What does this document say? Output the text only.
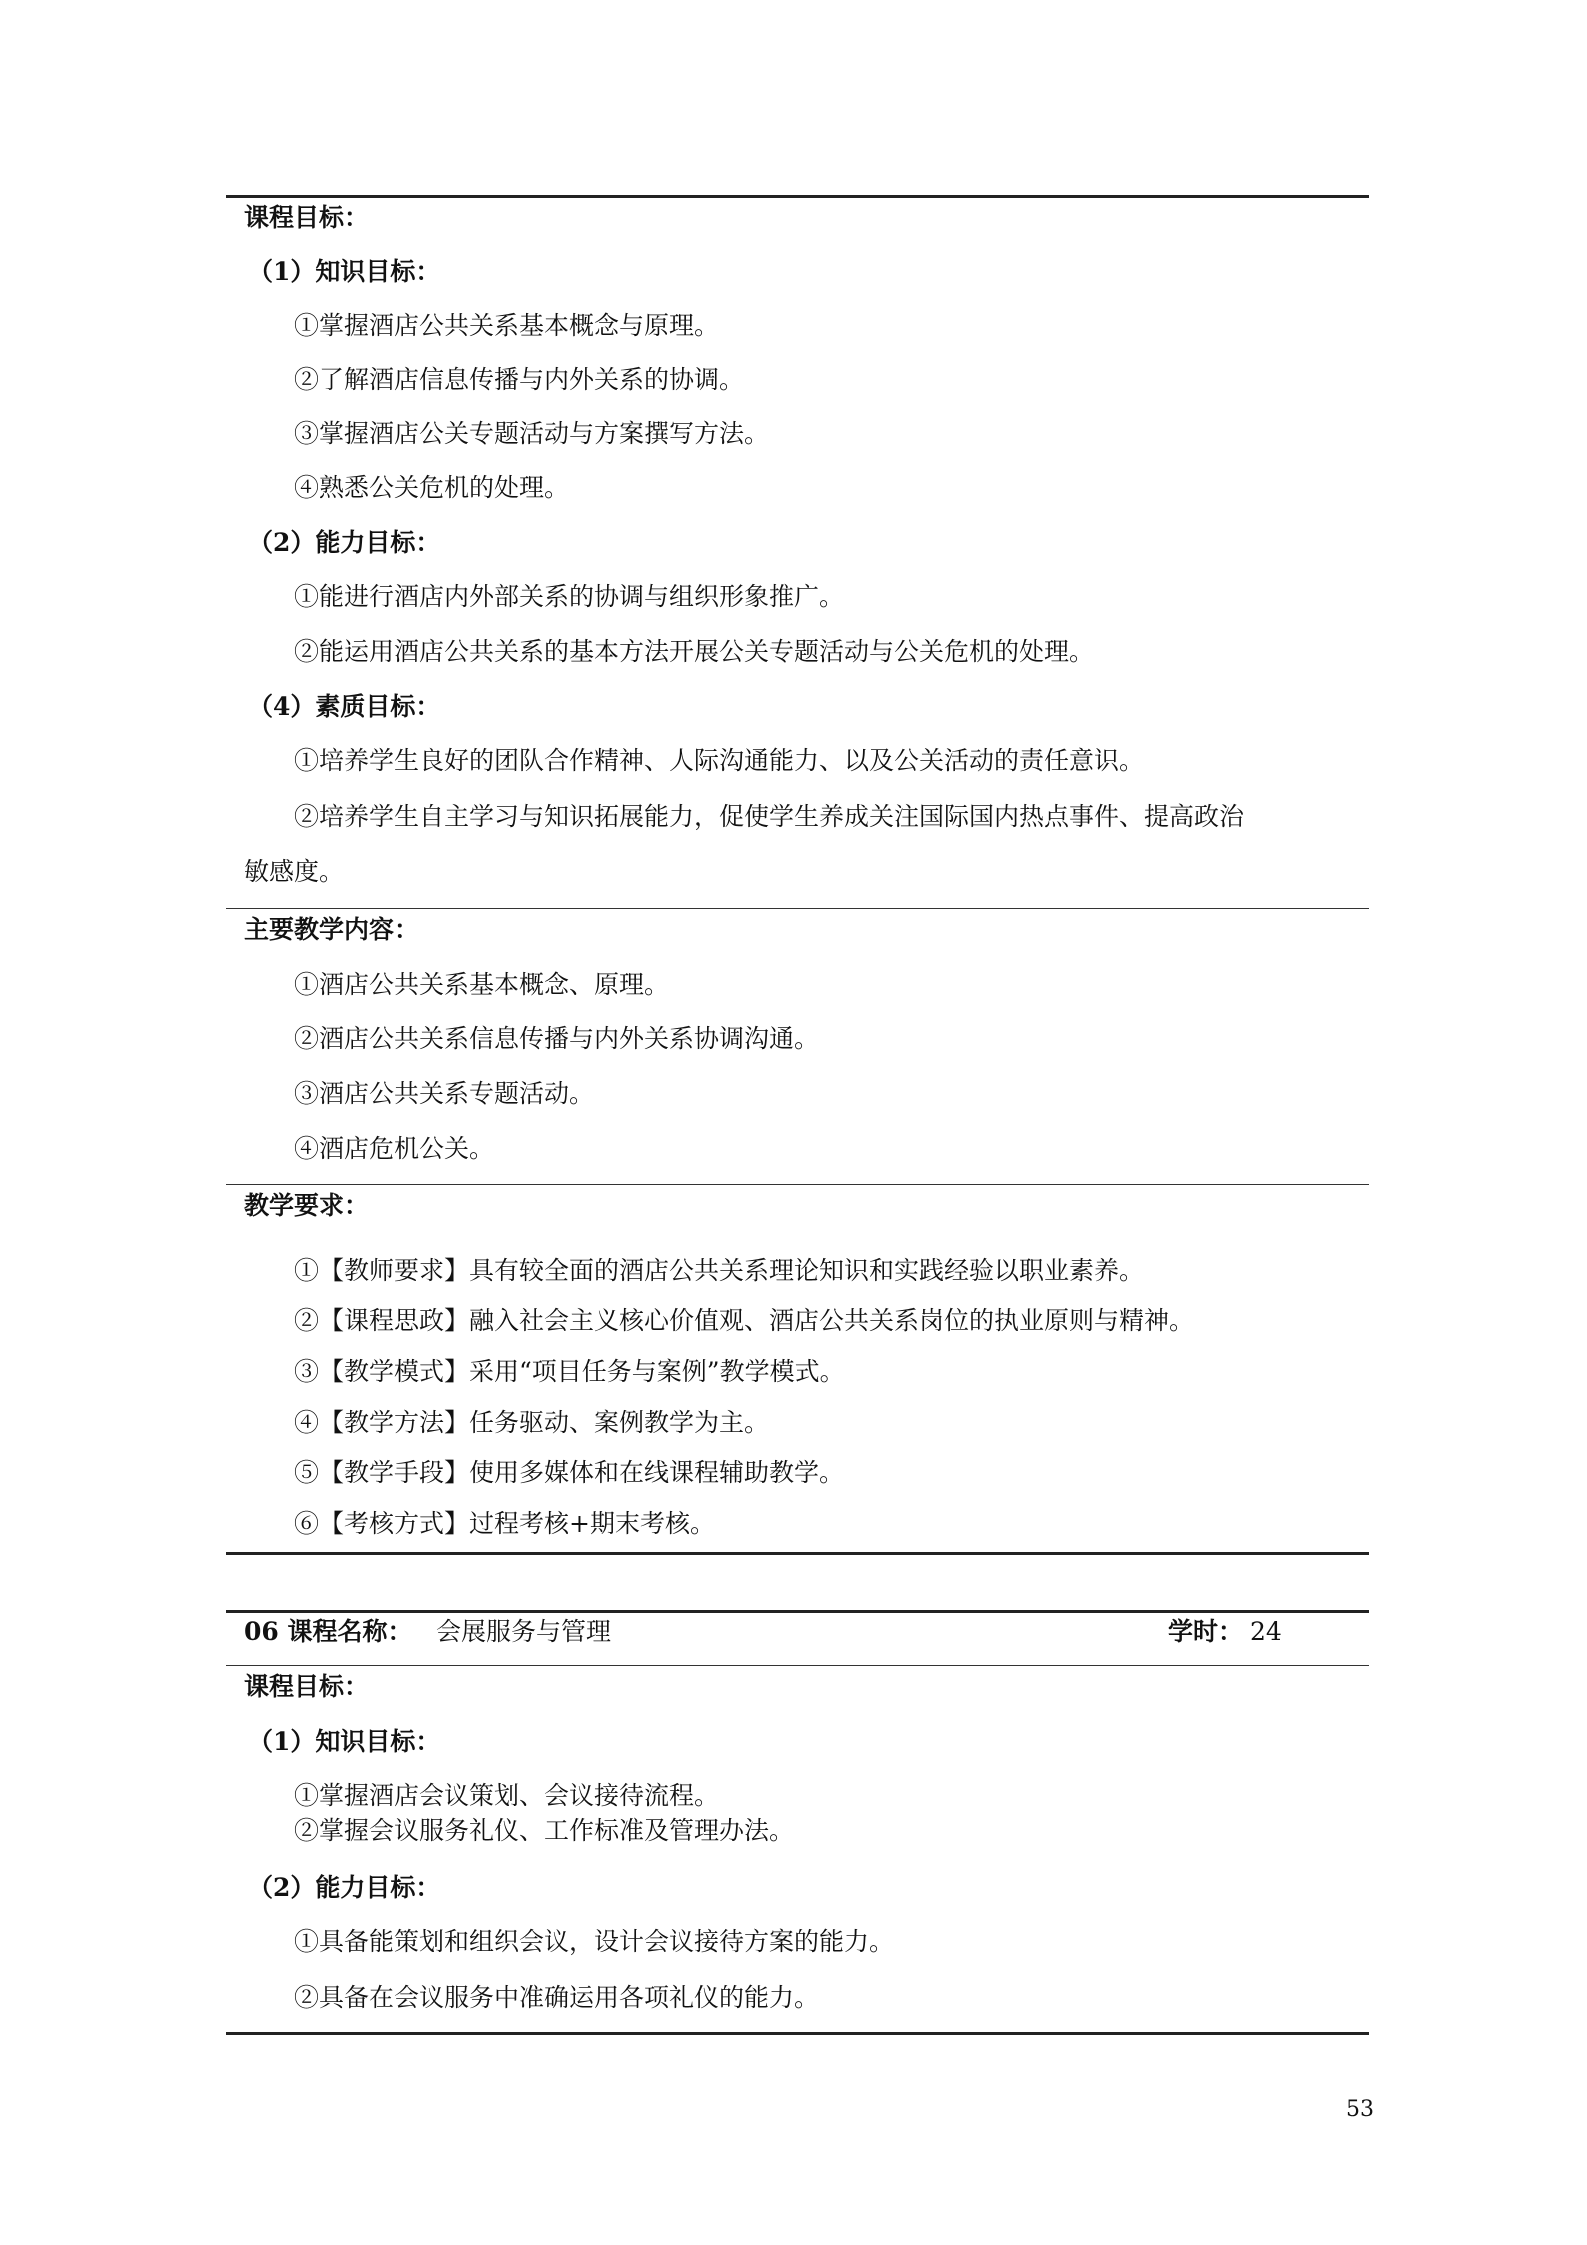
课程目标：
（1）知识目标：
①掌握酒店公共关系基本概念与原理。
②了解酒店信息传播与内外关系的协调。
③掌握酒店公关专题活动与方案撰写方法。
④熟悉公关危机的处理。
（2）能力目标：
①能进行酒店内外部关系的协调与组织形象推广。
②能运用酒店公共关系的基本方法开展公关专题活动与公关危机的处理。
（4）素质目标：
①培养学生良好的团队合作精神、人际沟通能力、以及公关活动的责任意识。
②培养学生自主学习与知识拓展能力，促使学生养成关注国际国内热点事件、提高政治
敏感度。
主要教学内容：
①酒店公共关系基本概念、原理。
②酒店公共关系信息传播与内外关系协调沟通。
③酒店公共关系专题活动。
④酒店危机公关。
教学要求：
①【教师要求】具有较全面的酒店公共关系理论知识和实践经验以职业素养。
②【课程思政】融入社会主义核心价值观、酒店公共关系岗位的执业原则与精神。
③【教学模式】采用“项目任务与案例”教学模式。
④【教学方法】任务驱动、案例教学为主。
⑤【教学手段】使用多媒体和在线课程辅助教学。
⑥【考核方式】过程考核+期末考核。
06 课程名称： 会展服务与管理	学时： 24
课程目标：
（1）知识目标：
①掌握酒店会议策划、会议接待流程。
②掌握会议服务礼仪、工作标准及管理办法。
（2）能力目标：
①具备能策划和组织会议，设计会议接待方案的能力。
②具备在会议服务中准确运用各项礼仪的能力。
53
